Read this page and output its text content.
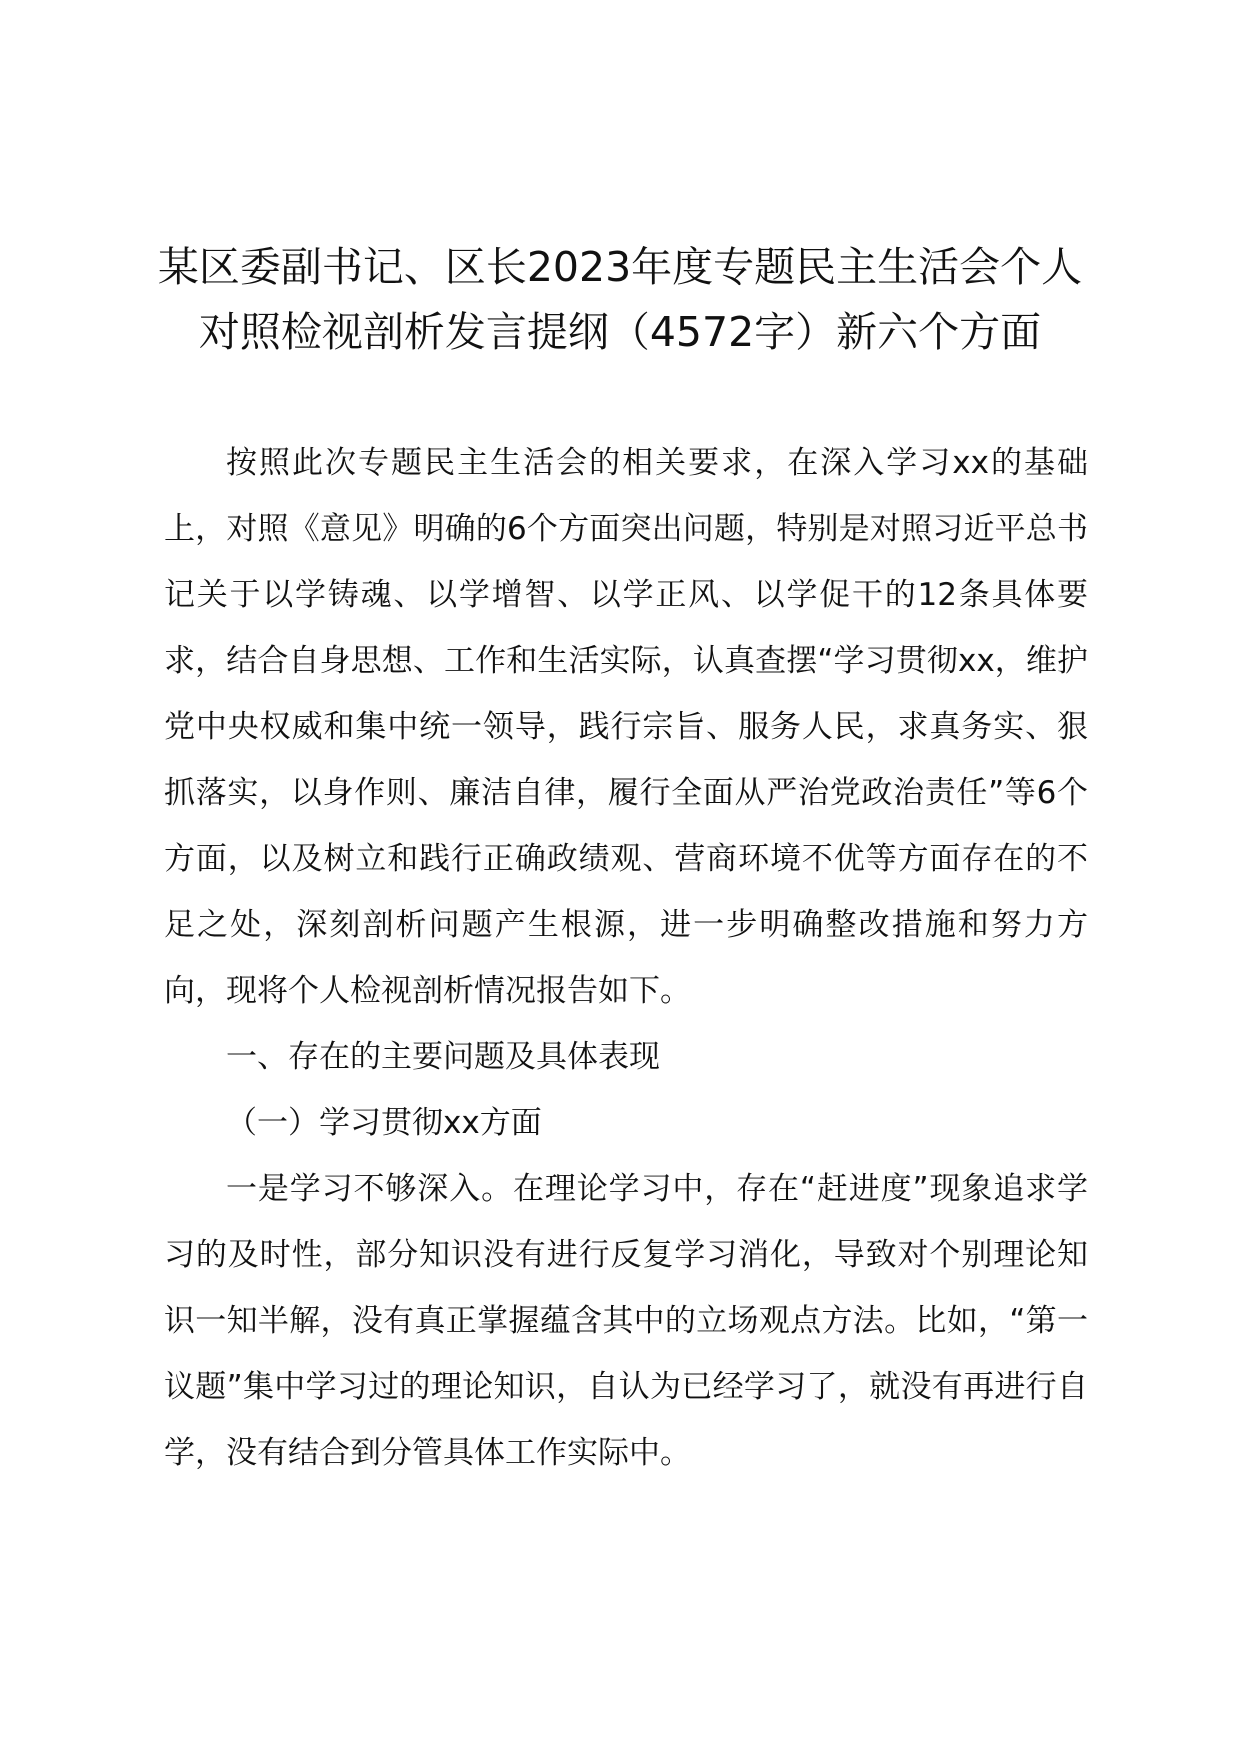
某区委副书记、区长2023年度专题民主生活会个人对照检视剖析发言提纲（4572字）新六个方面

按照此次专题民主生活会的相关要求，在深入学习xx的基础上，对照《意见》明确的6个方面突出问题，特别是对照习近平总书记关于以学铸魂、以学增智、以学正风、以学促干的12条具体要求，结合自身思想、工作和生活实际，认真查摆“学习贯彻xx，维护党中央权威和集中统一领导，践行宗旨、服务人民，求真务实、狠抓落实，以身作则、廉洁自律，履行全面从严治党政治责任”等6个方面，以及树立和践行正确政绩观、营商环境不优等方面存在的不足之处，深刻剖析问题产生根源，进一步明确整改措施和努力方向，现将个人检视剖析情况报告如下。

一、存在的主要问题及具体表现

（一）学习贯彻xx方面

一是学习不够深入。在理论学习中，存在“赶进度”现象追求学习的及时性，部分知识没有进行反复学习消化，导致对个别理论知识一知半解，没有真正掌握蕴含其中的立场观点方法。比如，“第一议题”集中学习过的理论知识，自认为已经学习了，就没有再进行自学，没有结合到分管具体工作实际中。
